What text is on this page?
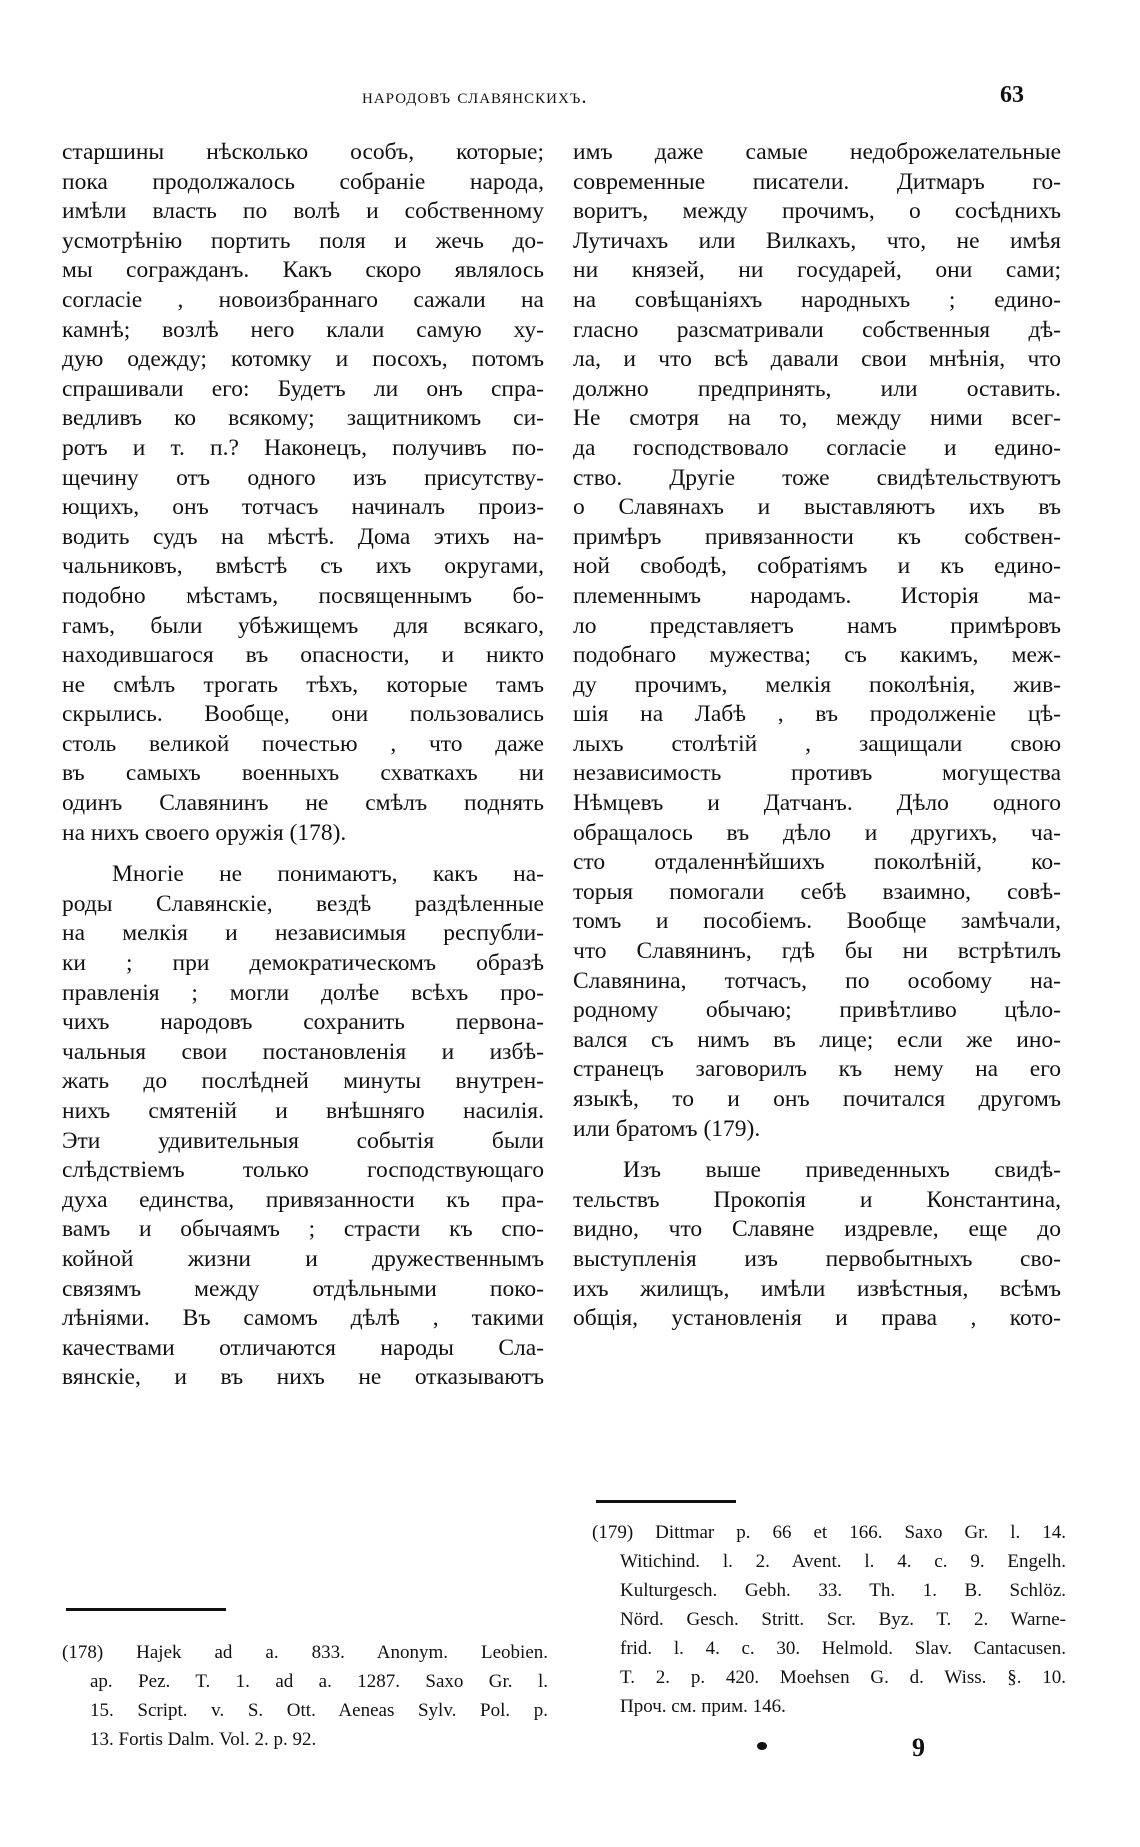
народовъ славянскихъ.	63
старшины нѣсколько особъ, которые;
пока продолжалось собраніе народа,
имѣли власть по волѣ и собственному
усмотрѣнію портить поля и жечь до-
мы согражданъ. Какъ скоро являлось
согласіе , новоизбраннаго сажали на
камнѣ; возлѣ него клали самую ху-
дую одежду; котомку и посохъ, потомъ
спрашивали его: Будетъ ли онъ спра-
ведливъ ко всякому; защитникомъ си-
ротъ и т. п.? Наконецъ, получивъ по-
щечину отъ одного изъ присутству-
ющихъ, онъ тотчасъ начиналъ произ-
водить судъ на мѣстѣ. Дома этихъ на-
чальниковъ, вмѣстѣ съ ихъ округами,
подобно мѣстамъ, посвященнымъ бо-
гамъ, были убѣжищемъ для всякаго,
находившагося въ опасности, и никто
не смѣлъ трогать тѣхъ, которые тамъ
скрылись. Вообще, они пользовались
столь великой почестью , что даже
въ самыхъ военныхъ схваткахъ ни
одинъ Славянинъ не смѣлъ поднять
на нихъ своего оружія (178).
Многіе не понимаютъ, какъ на-
роды Славянскіе, вездѣ раздѣленные
на мелкія и независимыя республи-
ки ; при демократическомъ образѣ
правленія ; могли долѣе всѣхъ про-
чихъ народовъ сохранить первона-
чальныя свои постановленія и избѣ-
жать до послѣдней минуты внутрен-
нихъ смятеній и внѣшняго насилія.
Эти удивительныя событія были
слѣдствіемъ только господствующаго
духа единства, привязанности къ пра-
вамъ и обычаямъ ; страсти къ спо-
койной жизни и дружественнымъ
связямъ между отдѣльными поко-
лѣніями. Въ самомъ дѣлѣ , такими
качествами отличаются народы Сла-
вянскіе, и въ нихъ не отказываютъ
имъ даже самые недоброжелательные
современные писатели. Дитмаръ го-
воритъ, между прочимъ, о сосѣднихъ
Лутичахъ или Вилкахъ, что, не имѣя
ни князей, ни государей, они сами;
на совѣщаніяхъ народныхъ ; едино-
гласно разсматривали собственныя дѣ-
ла, и что всѣ давали свои мнѣнія, что
должно предпринять, или оставить.
Не смотря на то, между ними всег-
да господствовало согласіе и едино-
ство. Другіе тоже свидѣтельствуютъ
о Славянахъ и выставляютъ ихъ въ
примѣръ привязанности къ собствен-
ной свободѣ, собратіямъ и къ едино-
племеннымъ народамъ. Исторія ма-
ло представляетъ намъ примѣровъ
подобнаго мужества; съ какимъ, меж-
ду прочимъ, мелкія поколѣнія, жив-
шія на Лабѣ , въ продолженіе цѣ-
лыхъ столѣтій , защищали свою
независимость противъ могущества
Нѣмцевъ и Датчанъ. Дѣло одного
обращалось въ дѣло и другихъ, ча-
сто отдаленнѣйшихъ поколѣній, ко-
торыя помогали себѣ взаимно, совѣ-
томъ и пособіемъ. Вообще замѣчали,
что Славянинъ, гдѣ бы ни встрѣтилъ
Славянина, тотчасъ, по особому на-
родному обычаю; привѣтливо цѣло-
вался съ нимъ въ лице; если же ино-
странецъ заговорилъ къ нему на его
языкѣ, то и онъ почитался другомъ
или братомъ (179).
Изъ выше приведенныхъ свидѣ-
тельствъ Прокопія и Константина,
видно, что Славяне издревле, еще до
выступленія изъ первобытныхъ сво-
ихъ жилищъ, имѣли извѣстныя, всѣмъ
общія, установленія и права , кото-
(178) Hajek ad a. 833. Anonym. Leobien.
ap. Pez. T. 1. ad a. 1287. Saxo Gr. l.
15. Script. v. S. Ott. Aeneas Sylv. Pol. p.
13. Fortis Dalm. Vol. 2. p. 92.
(179) Dittmar p. 66 et 166. Saxo Gr. l. 14.
Witichind. l. 2. Avent. l. 4. c. 9. Engelh.
Kulturgesch. Gebh. 33. Th. 1. B. Schlöz.
Nörd. Gesch. Stritt. Scr. Byz. T. 2. Warne-
frid. l. 4. c. 30. Helmold. Slav. Cantacusen.
T. 2. p. 420. Moehsen G. d. Wiss. §. 10.
Проч. см. прим. 146.
9
